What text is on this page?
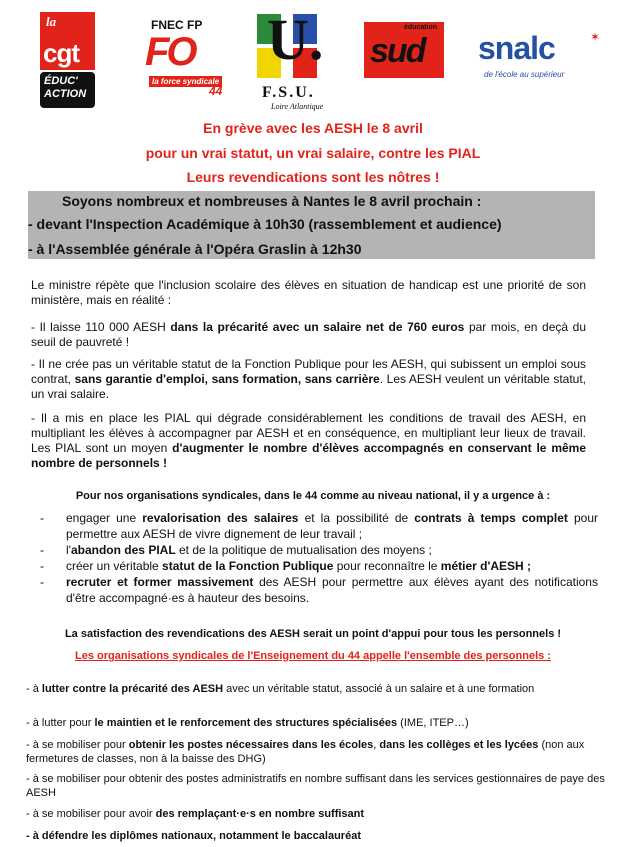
la
cgt
ÉDUC'
ACTION
FNEC FP
FO
la force syndicale
44
U.
F.S.U.
Loire Atlantique
éducation
sud snalc	✶
de l'école au supérieur
En grève avec les AESH le 8 avril
pour un vrai statut, un vrai salaire, contre les PIAL
Leurs revendications sont les nôtres !
Soyons nombreux et nombreuses à Nantes le 8 avril prochain :
- devant l'Inspection Académique à 10h30 (rassemblement et audience)
- à l'Assemblée générale à l'Opéra Graslin à 12h30
Le ministre répète que l'inclusion scolaire des élèves en situation de handicap est une priorité de son ministère, mais en réalité :
- Il laisse 110 000 AESH dans la précarité avec un salaire net de 760 euros par mois, en deçà du seuil de pauvreté !
- Il ne crée pas un véritable statut de la Fonction Publique pour les AESH, qui subissent un emploi sous contrat, sans garantie d'emploi, sans formation, sans carrière. Les AESH veulent un véritable statut, un vrai salaire.
- Il a mis en place les PIAL qui dégrade considérablement les conditions de travail des AESH, en multipliant les élèves à accompagner par AESH et en conséquence, en multipliant leur lieux de travail. Les PIAL sont un moyen d'augmenter le nombre d'élèves accompagnés en conservant le même nombre de personnels !
Pour nos organisations syndicales, dans le 44 comme au niveau national, il y a urgence à :
- engager une revalorisation des salaires et la possibilité de contrats à temps complet pour permettre aux AESH de vivre dignement de leur travail ;
- l'abandon des PIAL et de la politique de mutualisation des moyens ;
- créer un véritable statut de la Fonction Publique pour reconnaître le métier d'AESH ;
- recruter et former massivement des AESH pour permettre aux élèves ayant des notifications d'être accompagné·es à hauteur des besoins.
La satisfaction des revendications des AESH serait un point d'appui pour tous les personnels !
Les organisations syndicales de l'Enseignement du 44 appelle l'ensemble des personnels :
- à lutter contre la précarité des AESH avec un véritable statut, associé à un salaire et à une formation
- à lutter pour le maintien et le renforcement des structures spécialisées (IME, ITEP…)
- à se mobiliser pour obtenir les postes nécessaires dans les écoles, dans les collèges et les lycées (non aux fermetures de classes, non à la baisse des DHG)
- à se mobiliser pour obtenir des postes administratifs en nombre suffisant dans les services gestionnaires de paye des AESH
- à se mobiliser pour avoir des remplaçant·e·s en nombre suffisant
- à défendre les diplômes nationaux, notamment le baccalauréat
